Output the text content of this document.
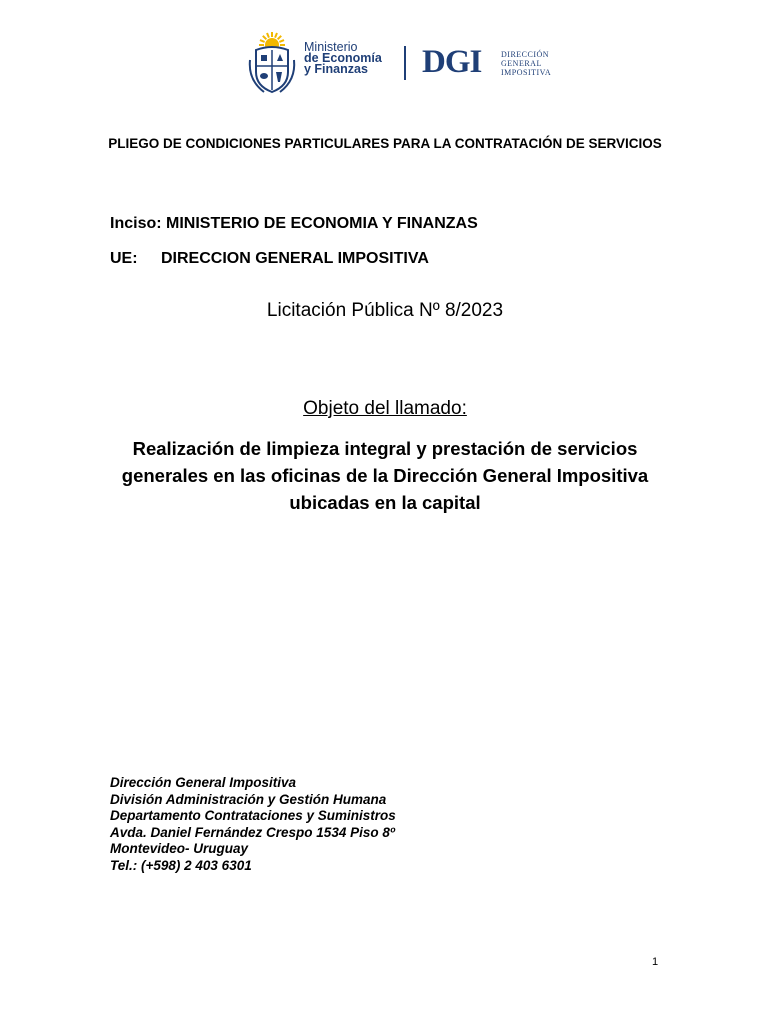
Ministerio
de Economía
y Finanzas	DGI DIRECCIÓN
GENERAL
IMPOSITIVA
PLIEGO DE CONDICIONES PARTICULARES PARA LA CONTRATACIÓN DE SERVICIOS
Inciso: MINISTERIO DE ECONOMIA Y FINANZAS
UE: DIRECCION GENERAL IMPOSITIVA
Licitación Pública Nº 8/2023
Objeto del llamado:
Realización de limpieza integral y prestación de servicios generales en las oficinas de la Dirección General Impositiva ubicadas en la capital
Dirección General Impositiva
División Administración y Gestión Humana
Departamento Contrataciones y Suministros
Avda. Daniel Fernández Crespo 1534 Piso 8º
Montevideo- Uruguay
Tel.: (+598) 2 403 6301
1
